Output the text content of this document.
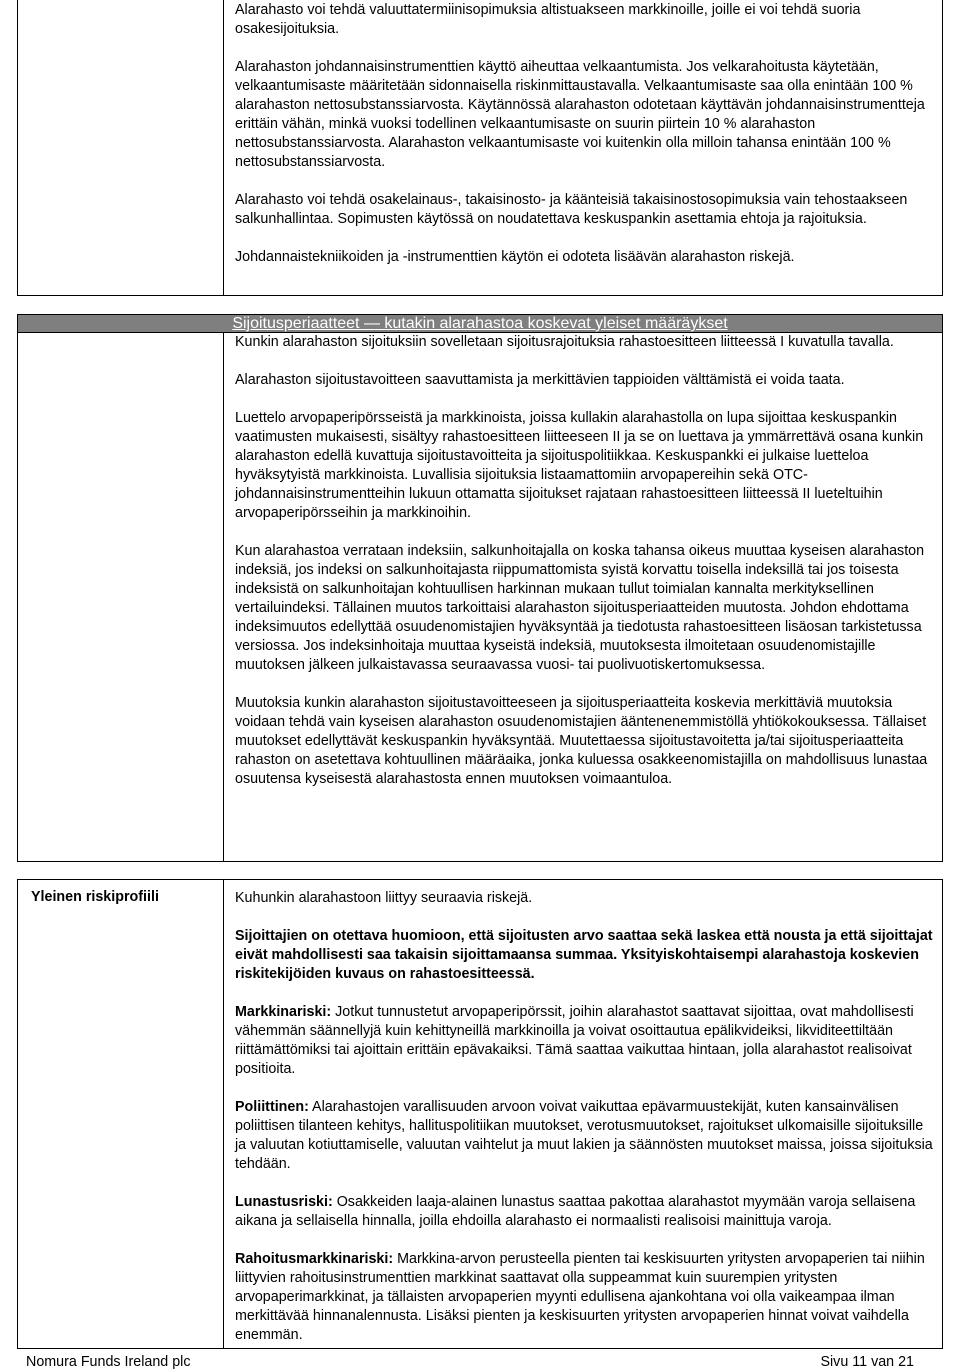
Alarahasto voi tehdä valuuttatermiinisopimuksia altistuakseen markkinoille, joille ei voi tehdä suoria osakesijoituksia.

Alarahaston johdannaisinstrumenttien käyttö aiheuttaa velkaantumista. Jos velkarahoitusta käytetään, velkaantumisaste määritetään sidonnaisella riskinmittaustavalla. Velkaantumisaste saa olla enintään 100 % alarahaston nettosubstanssiarvosta. Käytännössä alarahaston odotetaan käyttävän johdannaisinstrumentteja erittäin vähän, minkä vuoksi todellinen velkaantumisaste on suurin piirtein 10 % alarahaston nettosubstanssiarvosta. Alarahaston velkaantumisaste voi kuitenkin olla milloin tahansa enintään 100 % nettosubstanssiarvosta.

Alarahasto voi tehdä osakelainaus-, takaisinosto- ja käänteisiä takaisinostosopimuksia vain tehostaakseen salkunhallintaa. Sopimusten käytössä on noudatettava keskuspankin asettamia ehtoja ja rajoituksia.

Johdannaistekniikoiden ja -instrumenttien käytön ei odoteta lisäävän alarahaston riskejä.

Sijoitusperiaatteet — kutakin alarahastoa koskevat yleiset määräykset

Kunkin alarahaston sijoituksiin sovelletaan sijoitusrajoituksia rahastoesitteen liitteessä I kuvatulla tavalla.

Alarahaston sijoitustavoitteen saavuttamista ja merkittävien tappioiden välttämistä ei voida taata.

Luettelo arvopaperipörsseistä ja markkinoista, joissa kullakin alarahastolla on lupa sijoittaa keskuspankin vaatimusten mukaisesti, sisältyy rahastoesitteen liitteeseen II ja se on luettava ja ymmärrettävä osana kunkin alarahaston edellä kuvattuja sijoitustavoitteita ja sijoituspolitiikkaa. Keskuspankki ei julkaise luetteloa hyväksytyistä markkinoista. Luvallisia sijoituksia listaamattomiin arvopapereihin sekä OTC-johdannaisinstrumentteihin lukuun ottamatta sijoitukset rajataan rahastoesitteen liitteessä II lueteltuihin arvopaperipörsseihin ja markkinoihin.

Kun alarahastoa verrataan indeksiin, salkunhoitajalla on koska tahansa oikeus muuttaa kyseisen alarahaston indeksiä, jos indeksi on salkunhoitajasta riippumattomista syistä korvattu toisella indeksillä tai jos toisesta indeksistä on salkunhoitajan kohtuullisen harkinnan mukaan tullut toimialan kannalta merkityksellinen vertailuindeksi. Tällainen muutos tarkoittaisi alarahaston sijoitusperiaatteiden muutosta. Johdon ehdottama indeksimuutos edellyttää osuudenomistajien hyväksyntää ja tiedotusta rahastoesitteen lisäosan tarkistetussa versiossa. Jos indeksinhoitaja muuttaa kyseistä indeksiä, muutoksesta ilmoitetaan osuudenomistajille muutoksen jälkeen julkaistavassa seuraavassa vuosi- tai puolivuotiskertomuksessa.

Muutoksia kunkin alarahaston sijoitustavoitteeseen ja sijoitusperiaatteita koskevia merkittäviä muutoksia voidaan tehdä vain kyseisen alarahaston osuudenomistajien ääntenenemmistöllä yhtiökokouksessa. Tällaiset muutokset edellyttävät keskuspankin hyväksyntää. Muutettaessa sijoitustavoitetta ja/tai sijoitusperiaatteita rahaston on asetettava kohtuullinen määräaika, jonka kuluessa osakkeenomistajilla on mahdollisuus lunastaa osuutensa kyseisestä alarahastosta ennen muutoksen voimaantuloa.

Yleinen riskiprofiili	Kuhunkin alarahastoon liittyy seuraavia riskejä.

Sijoittajien on otettava huomioon, että sijoitusten arvo saattaa sekä laskea että nousta ja että sijoittajat eivät mahdollisesti saa takaisin sijoittamaansa summaa. Yksityiskohtaisempi alarahastoja koskevien riskitekijöiden kuvaus on rahastoesitteessä.

Markkinariski: Jotkut tunnustetut arvopaperipörssit, joihin alarahastot saattavat sijoittaa, ovat mahdollisesti vähemmän säännellyjä kuin kehittyneillä markkinoilla ja voivat osoittautua epälikvideiksi, likviditeettiltään riittämättömiksi tai ajoittain erittäin epävakaiksi. Tämä saattaa vaikuttaa hintaan, jolla alarahastot realisoivat positioita.

Poliittinen: Alarahastojen varallisuuden arvoon voivat vaikuttaa epävarmuustekijät, kuten kansainvälisen poliittisen tilanteen kehitys, hallituspolitiikan muutokset, verotusmuutokset, rajoitukset ulkomaisille sijoituksille ja valuutan kotiuttamiselle, valuutan vaihtelut ja muut lakien ja säännösten muutokset maissa, joissa sijoituksia tehdään.

Lunastusriski: Osakkeiden laaja-alainen lunastus saattaa pakottaa alarahastot myymään varoja sellaisena aikana ja sellaisella hinnalla, joilla ehdoilla alarahasto ei normaalisti realisoisi mainittuja varoja.

Rahoitusmarkkinariski: Markkina-arvon perusteella pienten tai keskisuurten yritysten arvopaperien tai niihin liittyvien rahoitusinstrumenttien markkinat saattavat olla suppeammat kuin suurempien yritysten arvopaperimarkkinat, ja tällaisten arvopaperien myynti edullisena ajankohtana voi olla vaikeampaa ilman merkittävää hinnanalennusta. Lisäksi pienten ja keskisuurten yritysten arvopaperien hinnat voivat vaihdella enemmän.

Nomura Funds Ireland plc	Sivu 11 van 21
